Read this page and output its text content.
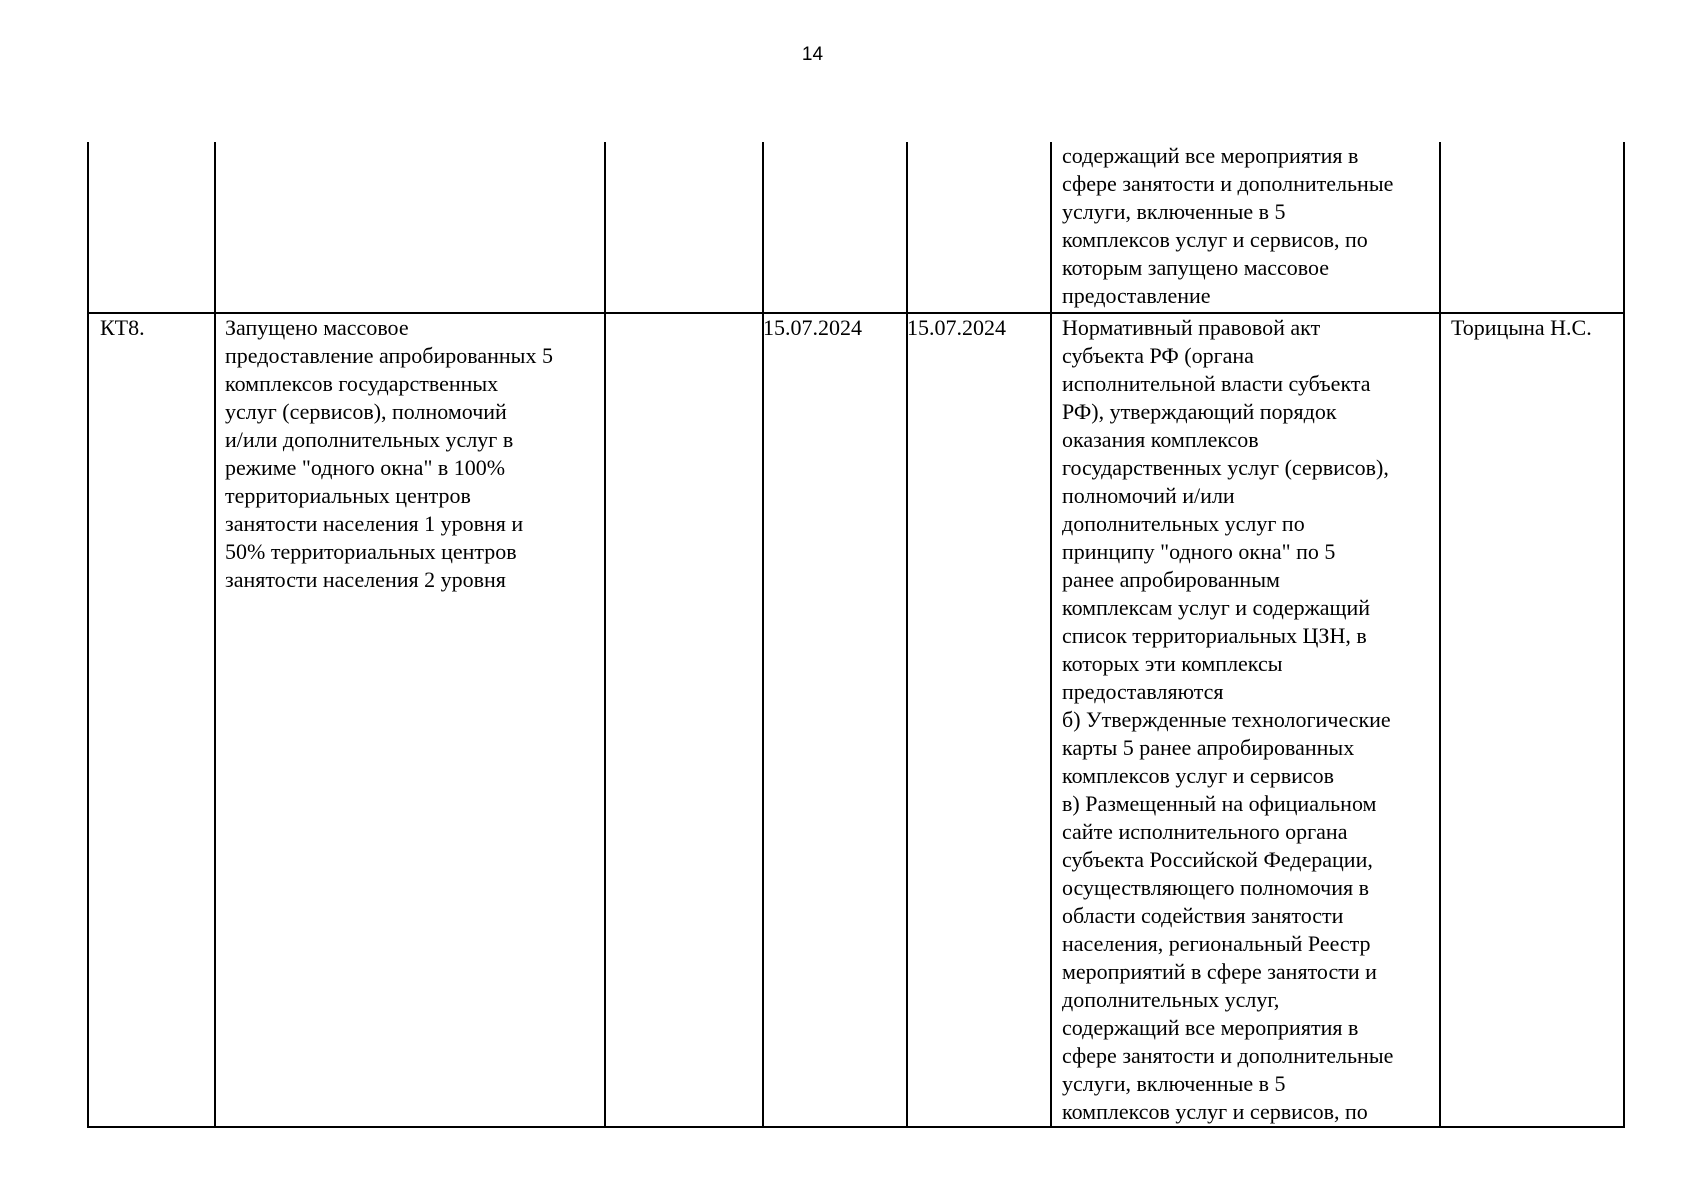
14
содержащий все мероприятия в
сфере занятости и дополнительные
услуги, включенные в 5
комплексов услуг и сервисов, по
которым запущено массовое
предоставление
КТ8.	Запущено массовое
предоставление апробированных 5
комплексов государственных
услуг (сервисов), полномочий
и/или дополнительных услуг в
режиме "одного окна" в 100%
территориальных центров
занятости населения 1 уровня и
50% территориальных центров
занятости населения 2 уровня
15.07.2024 15.07.2024	Нормативный правовой акт
субъекта РФ (органа
исполнительной власти субъекта
РФ), утверждающий порядок
оказания комплексов
государственных услуг (сервисов),
полномочий и/или
дополнительных услуг по
принципу "одного окна" по 5
ранее апробированным
комплексам услуг и содержащий
список территориальных ЦЗН, в
которых эти комплексы
предоставляются
б) Утвержденные технологические
карты 5 ранее апробированных
комплексов услуг и сервисов
в) Размещенный на официальном
сайте исполнительного органа
субъекта Российской Федерации,
осуществляющего полномочия в
области содействия занятости
населения, региональный Реестр
мероприятий в сфере занятости и
дополнительных услуг,
содержащий все мероприятия в
сфере занятости и дополнительные
услуги, включенные в 5
комплексов услуг и сервисов, по
Торицына Н.С.
